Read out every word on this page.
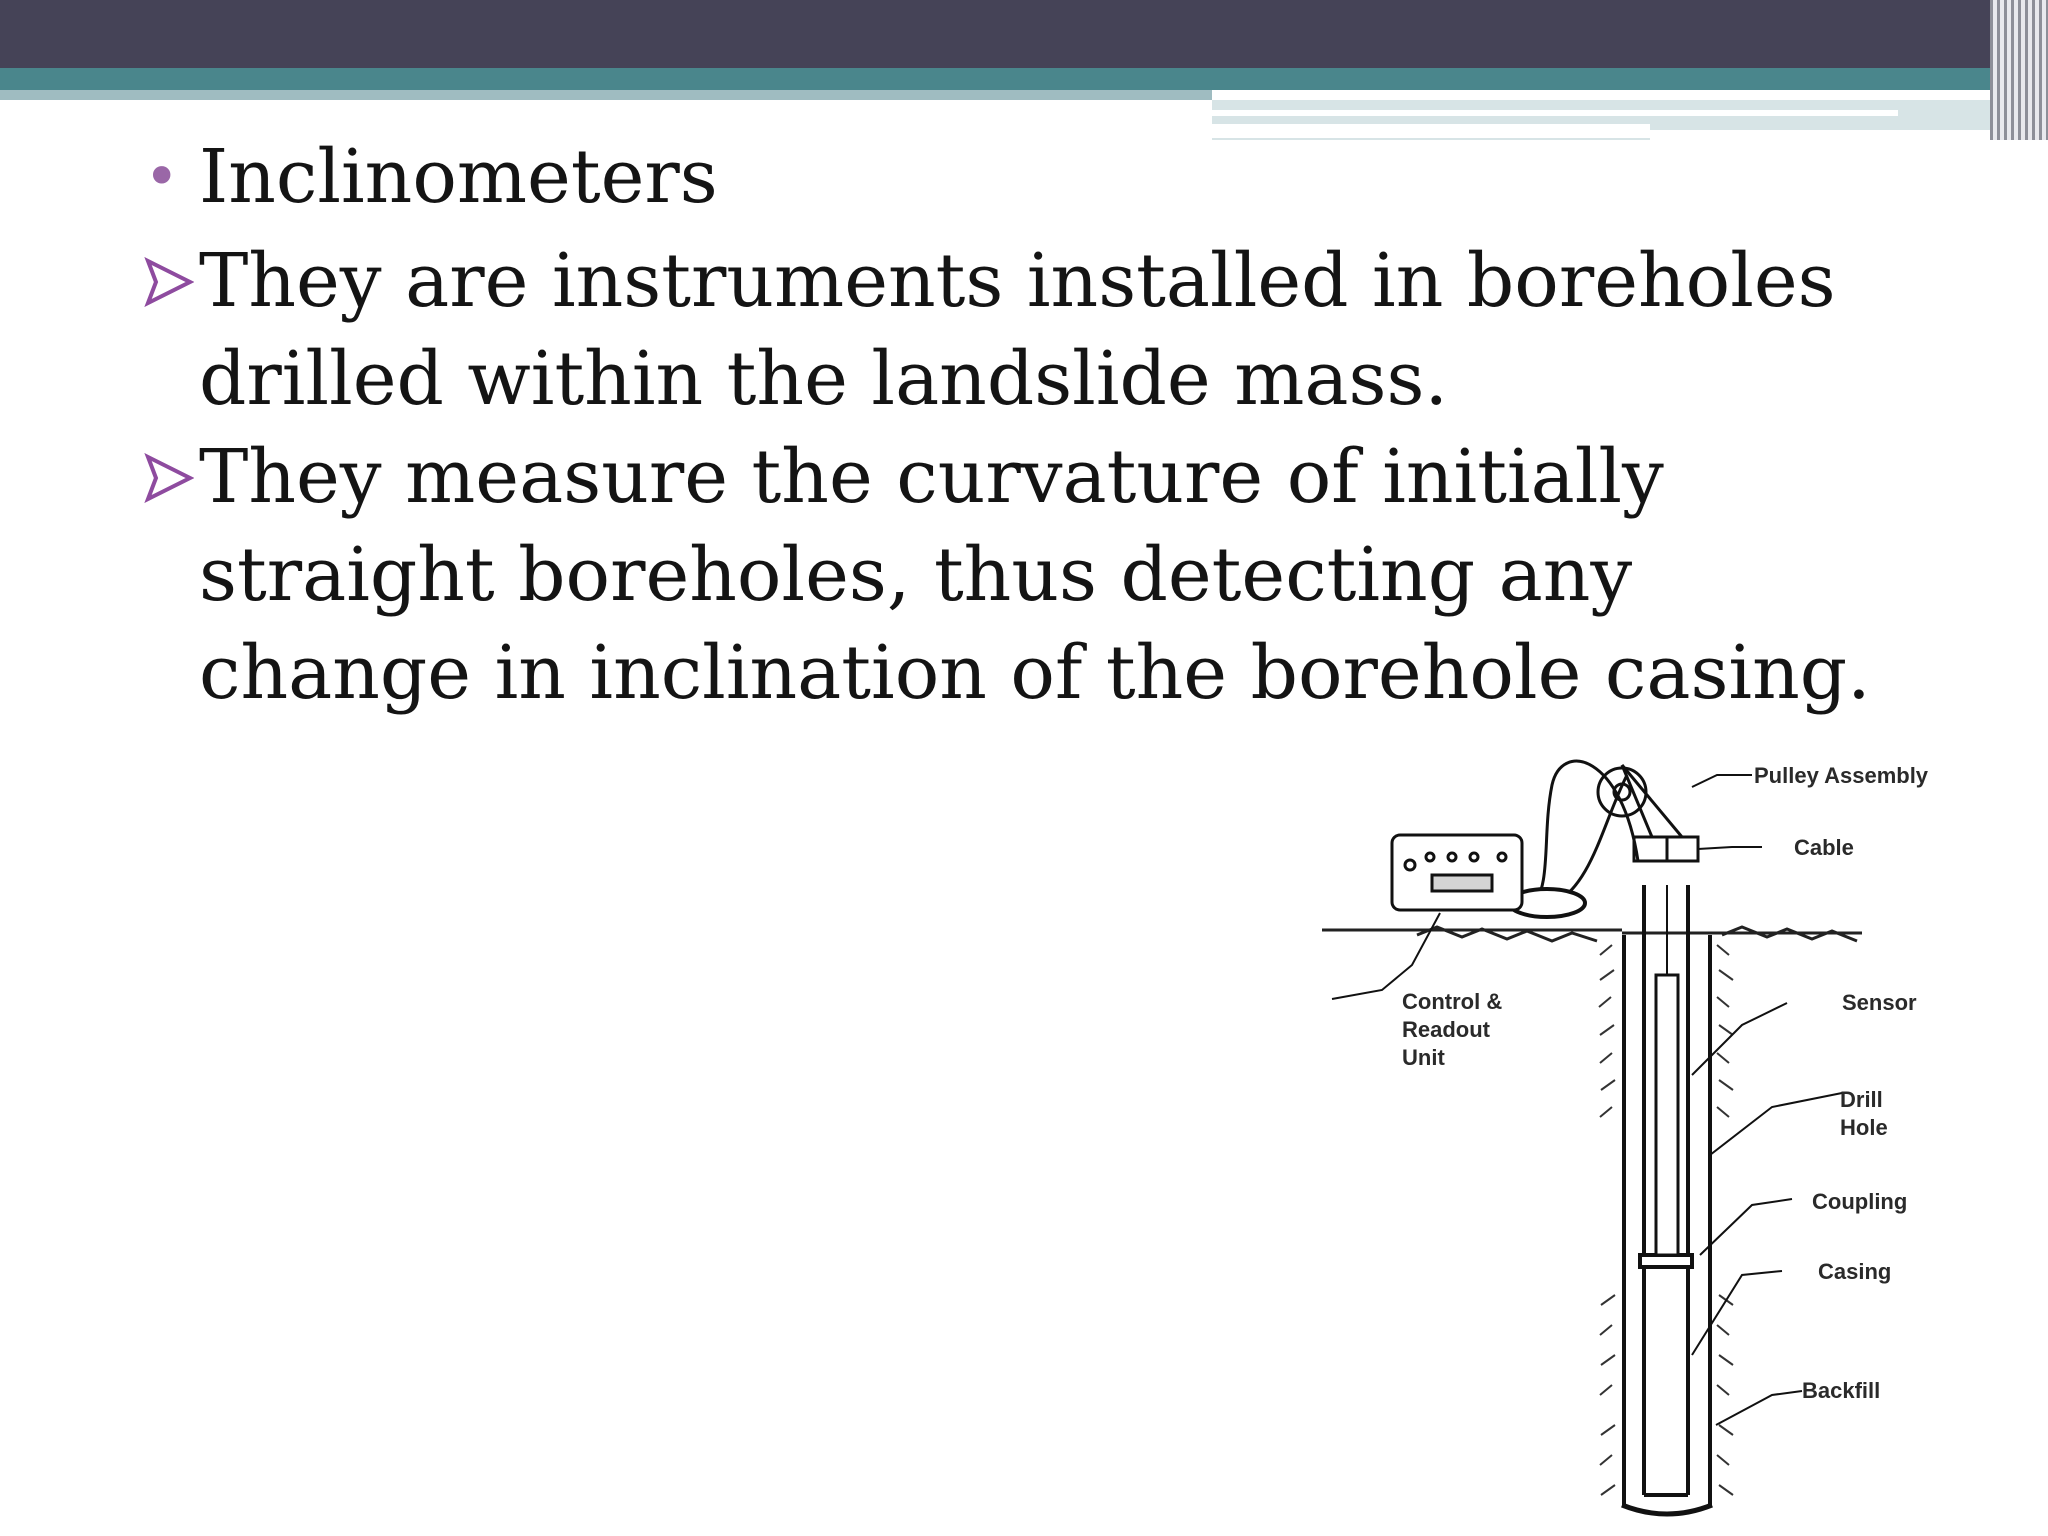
• Inclinometers

They are instruments installed in boreholes drilled within the landslide mass.

They measure the curvature of initially straight boreholes, thus detecting any change in inclination of the borehole casing.

Pulley Assembly
Cable
Control &
Readout
Unit
Sensor
Drill
Hole
Coupling
Casing
Backfill
